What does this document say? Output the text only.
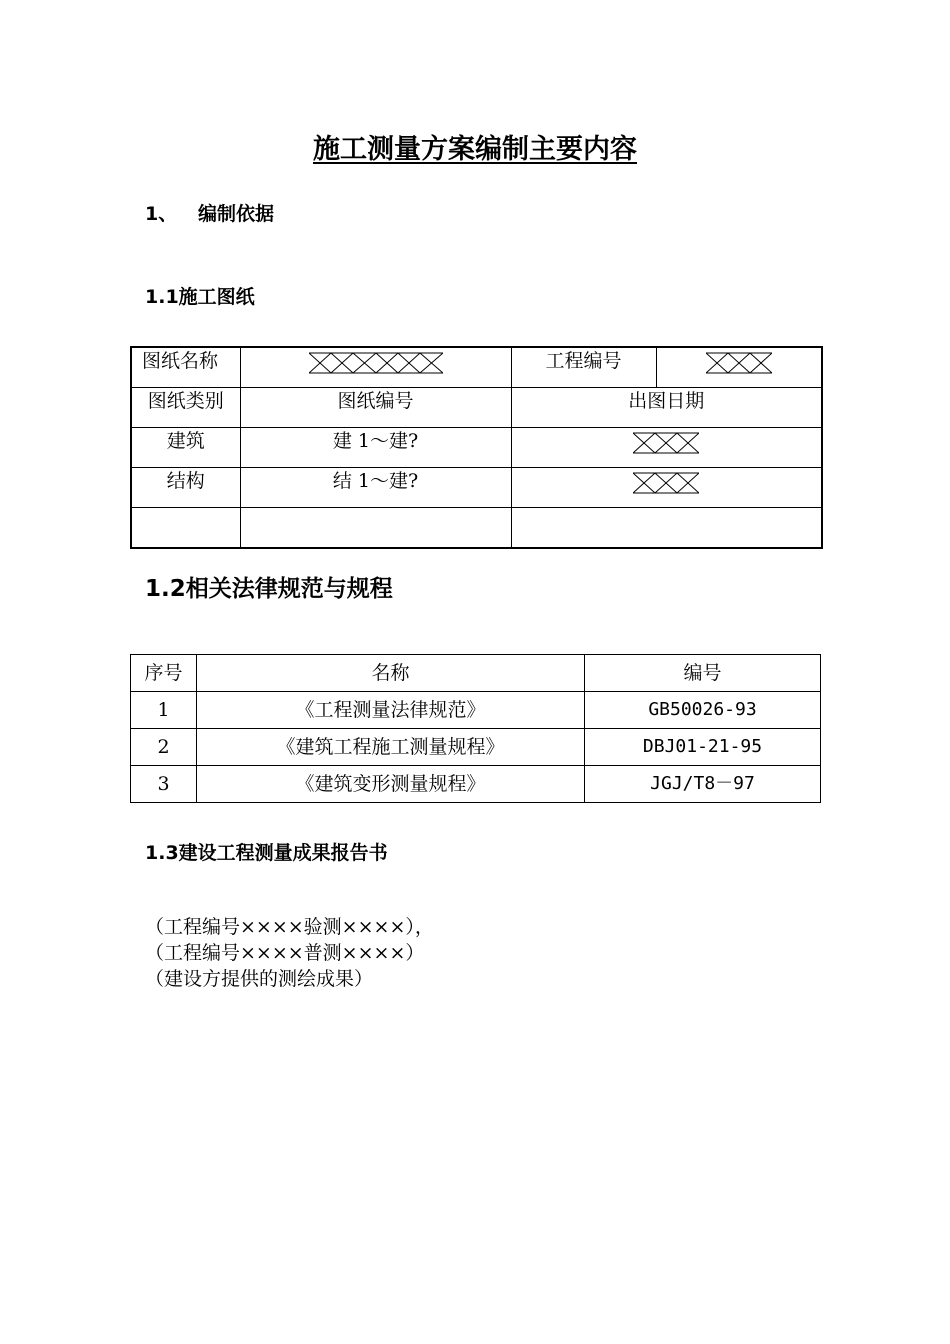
施工测量方案编制主要内容
1、 编制依据
1.1施工图纸
图纸名称		工程编号	
图纸类别	图纸编号	出图日期	
建筑	建 1～建?	
结构	结 1～建?	

1.2相关法律规范与规程
序号	名称	编号
1	《工程测量法律规范》	GB50026-93
2	《建筑工程施工测量规程》	DBJ01-21-95
3	《建筑变形测量规程》	JGJ/T8－97
1.3建设工程测量成果报告书
（工程编号××××验测××××），
（工程编号××××普测××××）
（建设方提供的测绘成果）
